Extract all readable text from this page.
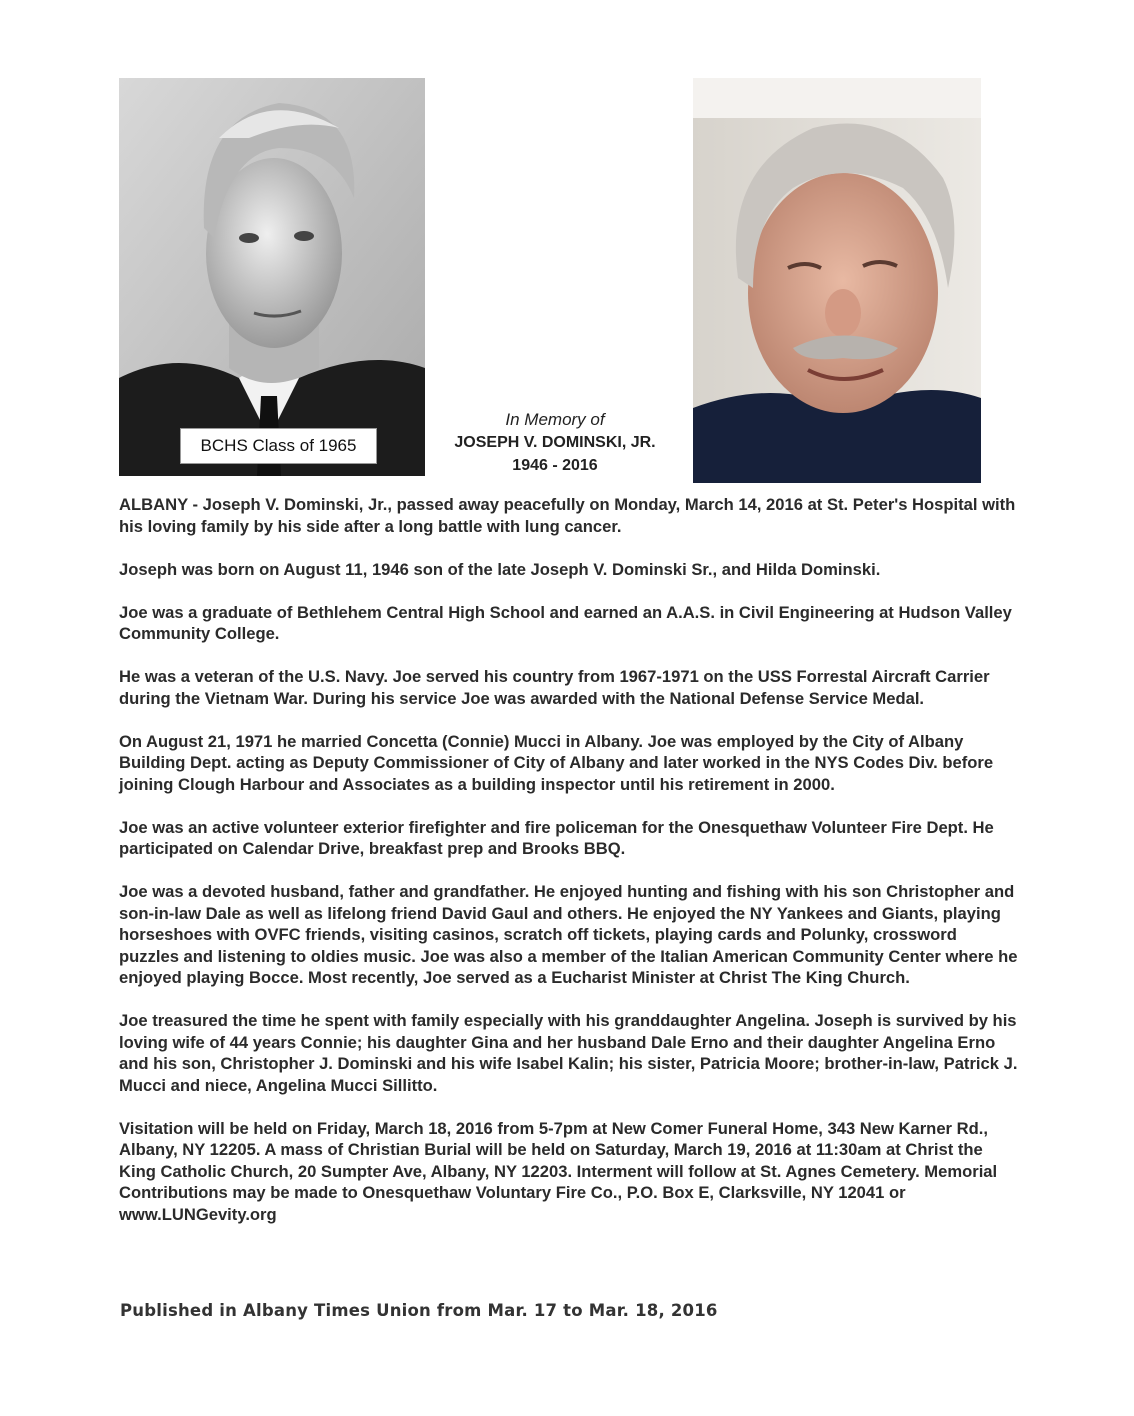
BCHS Class of 1965
In Memory of
JOSEPH V. DOMINSKI, JR.
1946 - 2016

ALBANY - Joseph V. Dominski, Jr., passed away peacefully on Monday, March 14, 2016 at St. Peter's Hospital with his loving family by his side after a long battle with lung cancer.

Joseph was born on August 11, 1946 son of the late Joseph V. Dominski Sr., and Hilda Dominski.

Joe was a graduate of Bethlehem Central High School and earned an A.A.S. in Civil Engineering at Hudson Valley Community College.

He was a veteran of the U.S. Navy. Joe served his country from 1967-1971 on the USS Forrestal Aircraft Carrier during the Vietnam War. During his service Joe was awarded with the National Defense Service Medal.

On August 21, 1971 he married Concetta (Connie) Mucci in Albany. Joe was employed by the City of Albany Building Dept. acting as Deputy Commissioner of City of Albany and later worked in the NYS Codes Div. before joining Clough Harbour and Associates as a building inspector until his retirement in 2000.

Joe was an active volunteer exterior firefighter and fire policeman for the Onesquethaw Volunteer Fire Dept. He participated on Calendar Drive, breakfast prep and Brooks BBQ.

Joe was a devoted husband, father and grandfather. He enjoyed hunting and fishing with his son Christopher and son-in-law Dale as well as lifelong friend David Gaul and others. He enjoyed the NY Yankees and Giants, playing horseshoes with OVFC friends, visiting casinos, scratch off tickets, playing cards and Polunky, crossword puzzles and listening to oldies music. Joe was also a member of the Italian American Community Center where he enjoyed playing Bocce. Most recently, Joe served as a Eucharist Minister at Christ The King Church.

Joe treasured the time he spent with family especially with his granddaughter Angelina. Joseph is survived by his loving wife of 44 years Connie; his daughter Gina and her husband Dale Erno and their daughter Angelina Erno and his son, Christopher J. Dominski and his wife Isabel Kalin; his sister, Patricia Moore; brother-in-law, Patrick J. Mucci and niece, Angelina Mucci Sillitto.

Visitation will be held on Friday, March 18, 2016 from 5-7pm at New Comer Funeral Home, 343 New Karner Rd., Albany, NY 12205. A mass of Christian Burial will be held on Saturday, March 19, 2016 at 11:30am at Christ the King Catholic Church, 20 Sumpter Ave, Albany, NY 12203. Interment will follow at St. Agnes Cemetery. Memorial Contributions may be made to Onesquethaw Voluntary Fire Co., P.O. Box E, Clarksville, NY 12041 or www.LUNGevity.org

Published in Albany Times Union from Mar. 17 to Mar. 18, 2016
